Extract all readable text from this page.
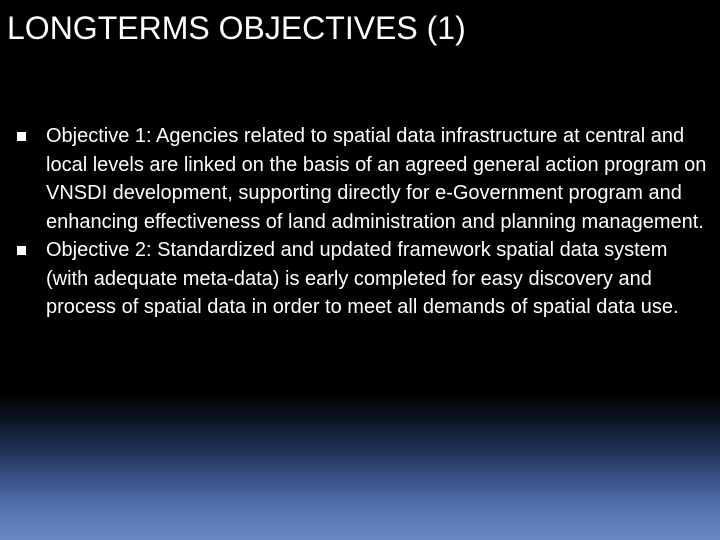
LONGTERMS OBJECTIVES (1)
Objective 1: Agencies related to spatial data infrastructure at central and local levels are linked on the basis of an agreed general action program on VNSDI development, supporting directly for e-Government program and enhancing effectiveness of land administration and planning management.
Objective 2: Standardized and updated framework spatial data system (with adequate meta-data) is early completed for easy discovery and process of spatial data in order to meet all demands of spatial data use.
